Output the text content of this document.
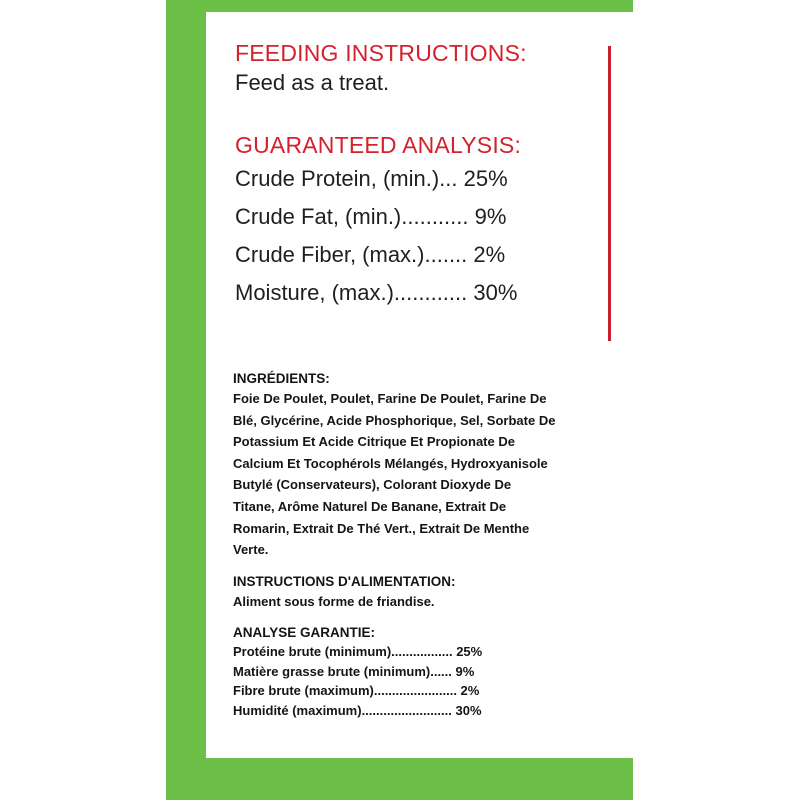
FEEDING INSTRUCTIONS:
Feed as a treat.
GUARANTEED ANALYSIS:
Crude Protein, (min.)... 25%
Crude Fat, (min.)........... 9%
Crude Fiber, (max.)....... 2%
Moisture, (max.)............ 30%
INGRÉDIENTS:
Foie De Poulet, Poulet, Farine De Poulet, Farine De
Blé, Glycérine, Acide Phosphorique, Sel, Sorbate De
Potassium Et Acide Citrique Et Propionate De
Calcium Et Tocophérols Mélangés, Hydroxyanisole
Butylé (Conservateurs), Colorant Dioxyde De
Titane, Arôme Naturel De Banane, Extrait De
Romarin, Extrait De Thé Vert., Extrait De Menthe
Verte.
INSTRUCTIONS D'ALIMENTATION:
Aliment sous forme de friandise.
ANALYSE GARANTIE:
Protéine brute (minimum)................. 25%
Matière grasse brute (minimum)...... 9%
Fibre brute (maximum)....................... 2%
Humidité (maximum)......................... 30%
